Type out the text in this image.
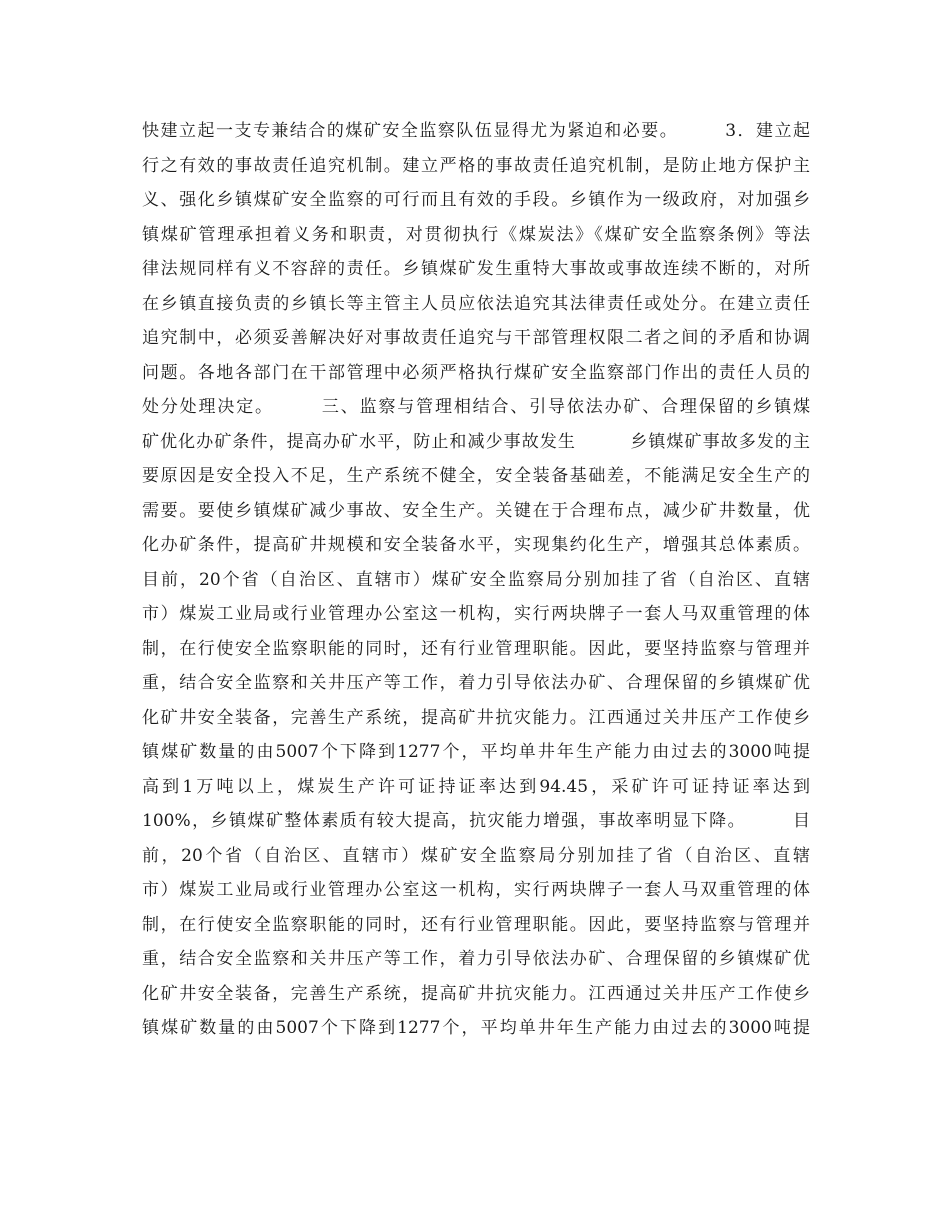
快建立起一支专兼结合的煤矿安全监察队伍显得尤为紧迫和必要。　　　3．建立起
行之有效的事故责任追究机制。建立严格的事故责任追究机制，是防止地方保护主
义、强化乡镇煤矿安全监察的可行而且有效的手段。乡镇作为一级政府，对加强乡
镇煤矿管理承担着义务和职责，对贯彻执行《煤炭法》《煤矿安全监察条例》等法
律法规同样有义不容辞的责任。乡镇煤矿发生重特大事故或事故连续不断的，对所
在乡镇直接负责的乡镇长等主管主人员应依法追究其法律责任或处分。在建立责任
追究制中，必须妥善解决好对事故责任追究与干部管理权限二者之间的矛盾和协调
问题。各地各部门在干部管理中必须严格执行煤矿安全监察部门作出的责任人员的
处分处理决定。　　　三、监察与管理相结合、引导依法办矿、合理保留的乡镇煤
矿优化办矿条件，提高办矿水平，防止和减少事故发生　　　乡镇煤矿事故多发的主
要原因是安全投入不足，生产系统不健全，安全装备基础差，不能满足安全生产的
需要。要使乡镇煤矿减少事故、安全生产。关键在于合理布点，减少矿井数量，优
化办矿条件，提高矿井规模和安全装备水平，实现集约化生产，增强其总体素质。
目前，20个省（自治区、直辖市）煤矿安全监察局分别加挂了省（自治区、直辖
市）煤炭工业局或行业管理办公室这一机构，实行两块牌子一套人马双重管理的体
制，在行使安全监察职能的同时，还有行业管理职能。因此，要坚持监察与管理并
重，结合安全监察和关井压产等工作，着力引导依法办矿、合理保留的乡镇煤矿优
化矿井安全装备，完善生产系统，提高矿井抗灾能力。江西通过关井压产工作使乡
镇煤矿数量的由5007个下降到1277个，平均单井年生产能力由过去的3000吨提
高到1万吨以上，煤炭生产许可证持证率达到94.45，采矿许可证持证率达到
100%，乡镇煤矿整体素质有较大提高，抗灾能力增强，事故率明显下降。　　　目
前，20个省（自治区、直辖市）煤矿安全监察局分别加挂了省（自治区、直辖
市）煤炭工业局或行业管理办公室这一机构，实行两块牌子一套人马双重管理的体
制，在行使安全监察职能的同时，还有行业管理职能。因此，要坚持监察与管理并
重，结合安全监察和关井压产等工作，着力引导依法办矿、合理保留的乡镇煤矿优
化矿井安全装备，完善生产系统，提高矿井抗灾能力。江西通过关井压产工作使乡
镇煤矿数量的由5007个下降到1277个，平均单井年生产能力由过去的3000吨提
